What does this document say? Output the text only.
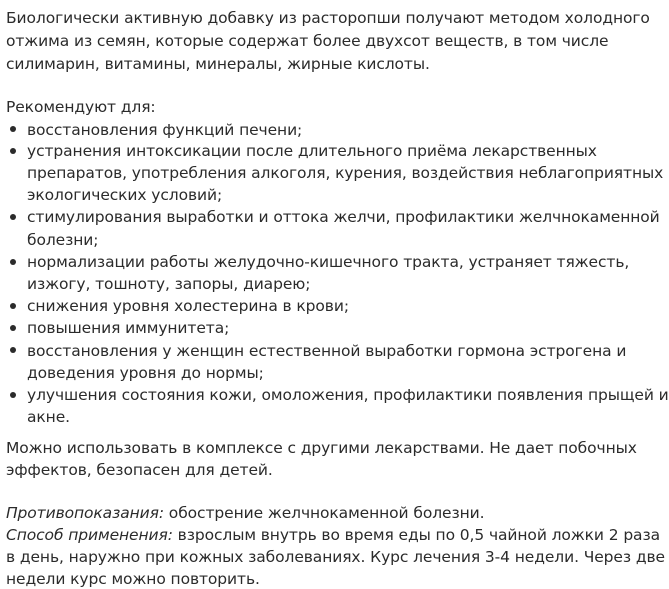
Биологически активную добавку из расторопши получают методом холодного
отжима из семян, которые содержат более двухсот веществ, в том числе
силимарин, витамины, минералы, жирные кислоты.
Рекомендуют для:
восстановления функций печени;
устранения интоксикации после длительного приёма лекарственных
препаратов, употребления алкоголя, курения, воздействия неблагоприятных
экологических условий;
стимулирования выработки и оттока желчи, профилактики желчнокаменной
болезни;
нормализации работы желудочно-кишечного тракта, устраняет тяжесть,
изжогу, тошноту, запоры, диарею;
снижения уровня холестерина в крови;
повышения иммунитета;
восстановления у женщин естественной выработки гормона эстрогена и
доведения уровня до нормы;
улучшения состояния кожи, омоложения, профилактики появления прыщей и
акне.
Можно использовать в комплексе с другими лекарствами. Не дает побочных
эффектов, безопасен для детей.
Противопоказания: обострение желчнокаменной болезни.
Способ применения: взрослым внутрь во время еды по 0,5 чайной ложки 2 раза
в день, наружно при кожных заболеваниях. Курс лечения 3-4 недели. Через две
недели курс можно повторить.
